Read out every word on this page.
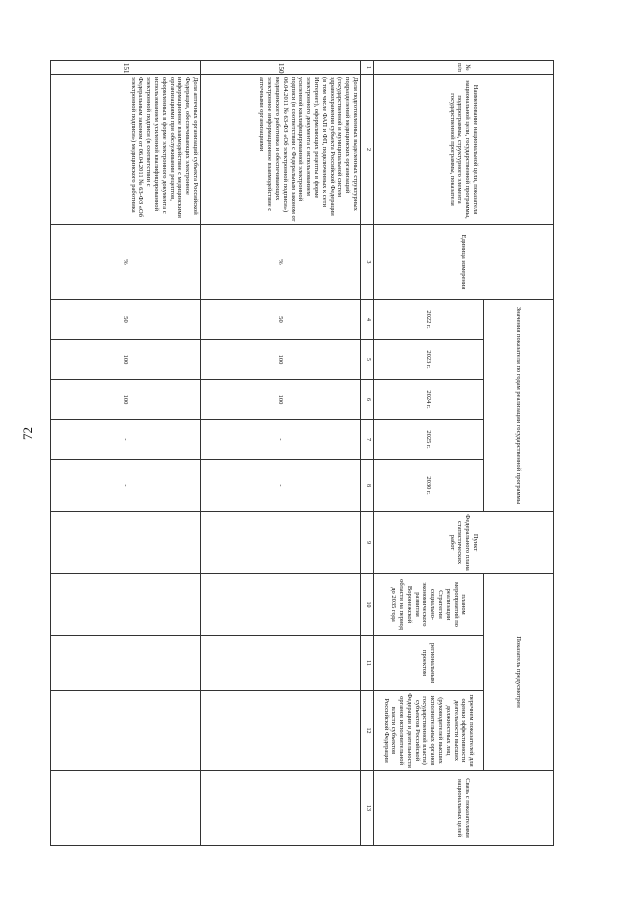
72
№ п/п	Наименование национальной цели, показателя национальной цели, государственной программы, подпрограммы, структурного элемента государственной программы, показателя	Единица измерения	Значения показателя по годам реализации государственной программы					Пункт Федерального плана статистических работ	Показатель предусмотрен			Связь с показателями национальных целей
			2022 г.	2023 г.	2024 г.	2025 г.	2030 г.		планом мероприятий по реализации Стратегии социально-экономического развития Воронежской области на период до 2035 года	региональным проектом	перечнем показателей для оценки эффективности деятельности высших должностных лиц (руководителей высших исполнительных органов государственной власти) субъектов Российской Федерации и деятельности органов исполнительной власти субъектов Российской Федерации	
1	2	3	4	5	6	7	8	9	10	11	12	13
150	Доля подготовленных выделенных структурных подразделений медицинских организаций (государственной и муниципальной систем здравоохранения субъекта Российской Федерации (в том числе ФАП и ФП, подключенных к сети Интернет), оформляющих рецепты в форме электронного документа с использованием усиленной квалифицированной электронной подписи (в соответствии с Федеральным законом от 06.04.2011 № 63-ФЗ «Об электронной подписи») медицинского работника и обеспечивающих электронное информационное взаимодействие с аптечными организациями	%	50	100	100	-	-					
151	Доля аптечных организаций субъекта Российской Федерации, обеспечивающих электронное информационное взаимодействие с медицинскими организациями при обслуживании рецептов, оформленных в форме электронного документа с использованием усиленной квалифицированной электронной подписи (в соответствии с Федеральным законом от 06.04.2011 № 63-ФЗ «Об электронной подписи») медицинского работника	%	50	100	100	-	-					
